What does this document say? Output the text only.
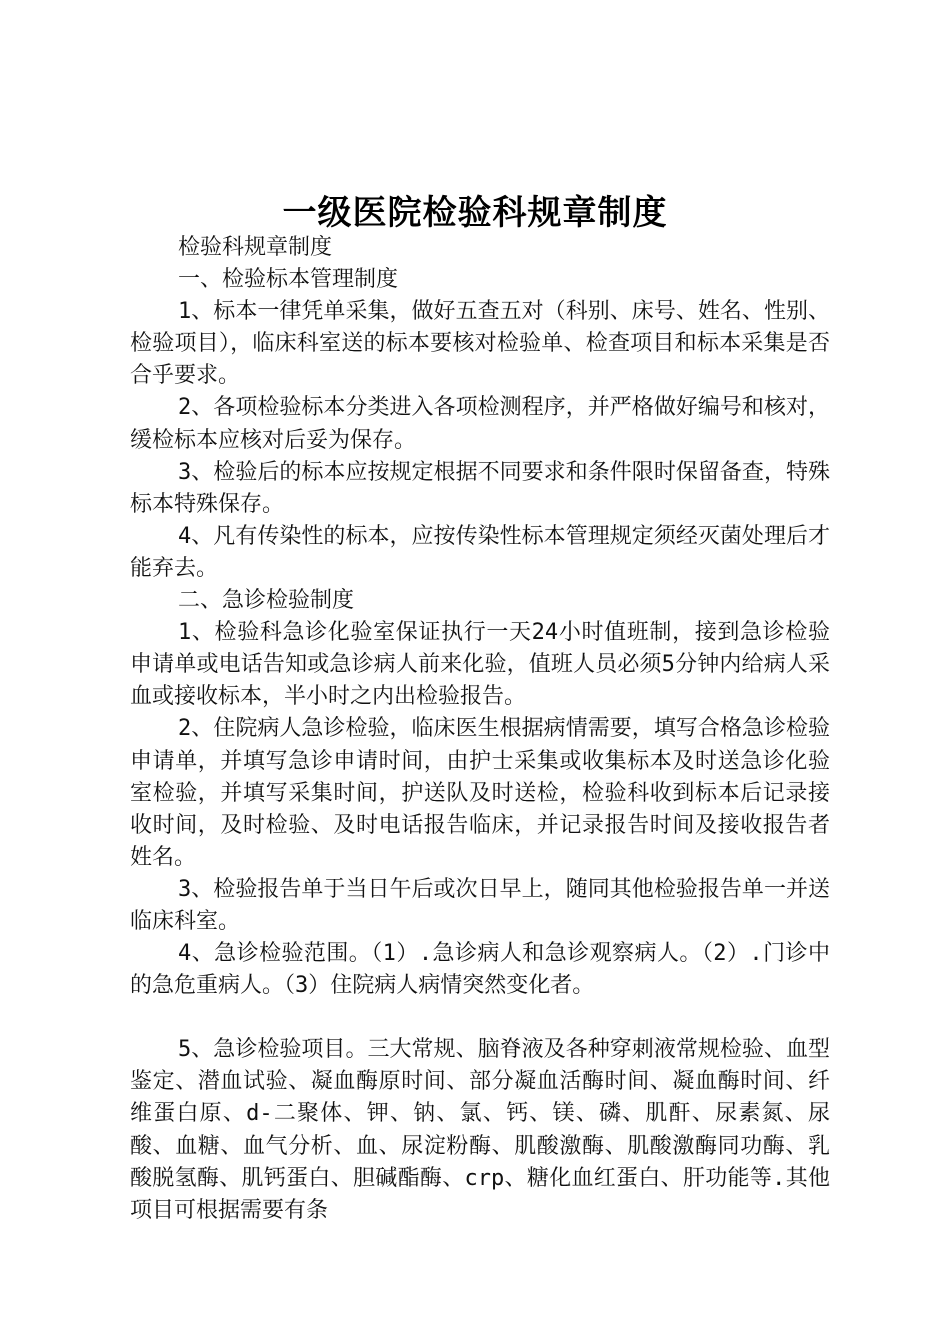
一级医院检验科规章制度

检验科规章制度

一、检验标本管理制度

1、标本一律凭单采集，做好五查五对（科别、床号、姓名、性别、检验项目），临床科室送的标本要核对检验单、检查项目和标本采集是否合乎要求。

2、各项检验标本分类进入各项检测程序，并严格做好编号和核对，缓检标本应核对后妥为保存。

3、检验后的标本应按规定根据不同要求和条件限时保留备查，特殊标本特殊保存。

4、凡有传染性的标本，应按传染性标本管理规定须经灭菌处理后才能弃去。

二、急诊检验制度

1、检验科急诊化验室保证执行一天24小时值班制，接到急诊检验申请单或电话告知或急诊病人前来化验，值班人员必须5分钟内给病人采血或接收标本，半小时之内出检验报告。

2、住院病人急诊检验，临床医生根据病情需要，填写合格急诊检验申请单，并填写急诊申请时间，由护士采集或收集标本及时送急诊化验室检验，并填写采集时间，护送队及时送检，检验科收到标本后记录接收时间，及时检验、及时电话报告临床，并记录报告时间及接收报告者姓名。

3、检验报告单于当日午后或次日早上，随同其他检验报告单一并送临床科室。

4、急诊检验范围。（1）.急诊病人和急诊观察病人。（2）.门诊中的急危重病人。（3）住院病人病情突然变化者。

5、急诊检验项目。三大常规、脑脊液及各种穿刺液常规检验、血型鉴定、潜血试验、凝血酶原时间、部分凝血活酶时间、凝血酶时间、纤维蛋白原、d-二聚体、钾、钠、氯、钙、镁、磷、肌酐、尿素氮、尿酸、血糖、血气分析、血、尿淀粉酶、肌酸激酶、肌酸激酶同功酶、乳酸脱氢酶、肌钙蛋白、胆碱酯酶、crp、糖化血红蛋白、肝功能等.其他项目可根据需要有条
